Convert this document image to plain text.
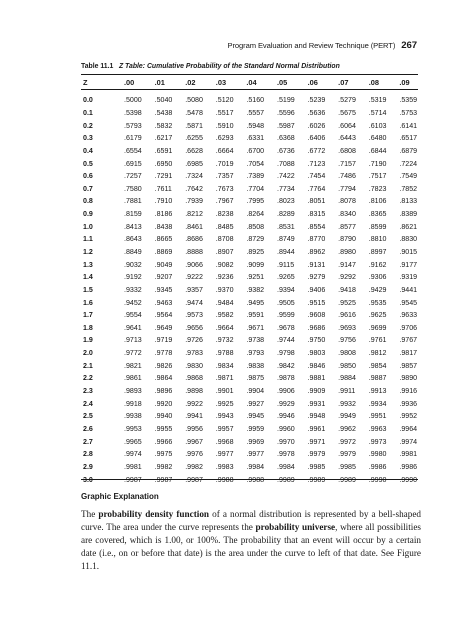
Program Evaluation and Review Technique (PERT) 267
Table 11.1 Z Table: Cumulative Probability of the Standard Normal Distribution
Z	.00	.01	.02	.03	.04	.05	.06	.07	.08	.09
0.0	.5000	.5040	.5080	.5120	.5160	.5199	.5239	.5279	.5319	.5359
0.1	.5398	.5438	.5478	.5517	.5557	.5596	.5636	.5675	.5714	.5753
0.2	.5793	.5832	.5871	.5910	.5948	.5987	.6026	.6064	.6103	.6141
0.3	.6179	.6217	.6255	.6293	.6331	.6368	.6406	.6443	.6480	.6517
0.4	.6554	.6591	.6628	.6664	.6700	.6736	.6772	.6808	.6844	.6879
0.5	.6915	.6950	.6985	.7019	.7054	.7088	.7123	.7157	.7190	.7224
0.6	.7257	.7291	.7324	.7357	.7389	.7422	.7454	.7486	.7517	.7549
0.7	.7580	.7611	.7642	.7673	.7704	.7734	.7764	.7794	.7823	.7852
0.8	.7881	.7910	.7939	.7967	.7995	.8023	.8051	.8078	.8106	.8133
0.9	.8159	.8186	.8212	.8238	.8264	.8289	.8315	.8340	.8365	.8389
1.0	.8413	.8438	.8461	.8485	.8508	.8531	.8554	.8577	.8599	.8621
1.1	.8643	.8665	.8686	.8708	.8729	.8749	.8770	.8790	.8810	.8830
1.2	.8849	.8869	.8888	.8907	.8925	.8944	.8962	.8980	.8997	.9015
1.3	.9032	.9049	.9066	.9082	.9099	.9115	.9131	.9147	.9162	.9177
1.4	.9192	.9207	.9222	.9236	.9251	.9265	.9279	.9292	.9306	.9319
1.5	.9332	.9345	.9357	.9370	.9382	.9394	.9406	.9418	.9429	.9441
1.6	.9452	.9463	.9474	.9484	.9495	.9505	.9515	.9525	.9535	.9545
1.7	.9554	.9564	.9573	.9582	.9591	.9599	.9608	.9616	.9625	.9633
1.8	.9641	.9649	.9656	.9664	.9671	.9678	.9686	.9693	.9699	.9706
1.9	.9713	.9719	.9726	.9732	.9738	.9744	.9750	.9756	.9761	.9767
2.0	.9772	.9778	.9783	.9788	.9793	.9798	.9803	.9808	.9812	.9817
2.1	.9821	.9826	.9830	.9834	.9838	.9842	.9846	.9850	.9854	.9857
2.2	.9861	.9864	.9868	.9871	.9875	.9878	.9881	.9884	.9887	.9890
2.3	.9893	.9896	.9898	.9901	.9904	.9906	.9909	.9911	.9913	.9916
2.4	.9918	.9920	.9922	.9925	.9927	.9929	.9931	.9932	.9934	.9936
2.5	.9938	.9940	.9941	.9943	.9945	.9946	.9948	.9949	.9951	.9952
2.6	.9953	.9955	.9956	.9957	.9959	.9960	.9961	.9962	.9963	.9964
2.7	.9965	.9966	.9967	.9968	.9969	.9970	.9971	.9972	.9973	.9974
2.8	.9974	.9975	.9976	.9977	.9977	.9978	.9979	.9979	.9980	.9981
2.9	.9981	.9982	.9982	.9983	.9984	.9984	.9985	.9985	.9986	.9986
3.0	.9987	.9987	.9987	.9988	.9988	.9989	.9989	.9989	.9990	.9990
Graphic Explanation
The probability density function of a normal distribution is represented by a bell-shaped curve. The area under the curve represents the probability universe, where all possibilities are covered, which is 1.00, or 100%. The probability that an event will occur by a certain date (i.e., on or before that date) is the area under the curve to left of that date. See Figure 11.1.
